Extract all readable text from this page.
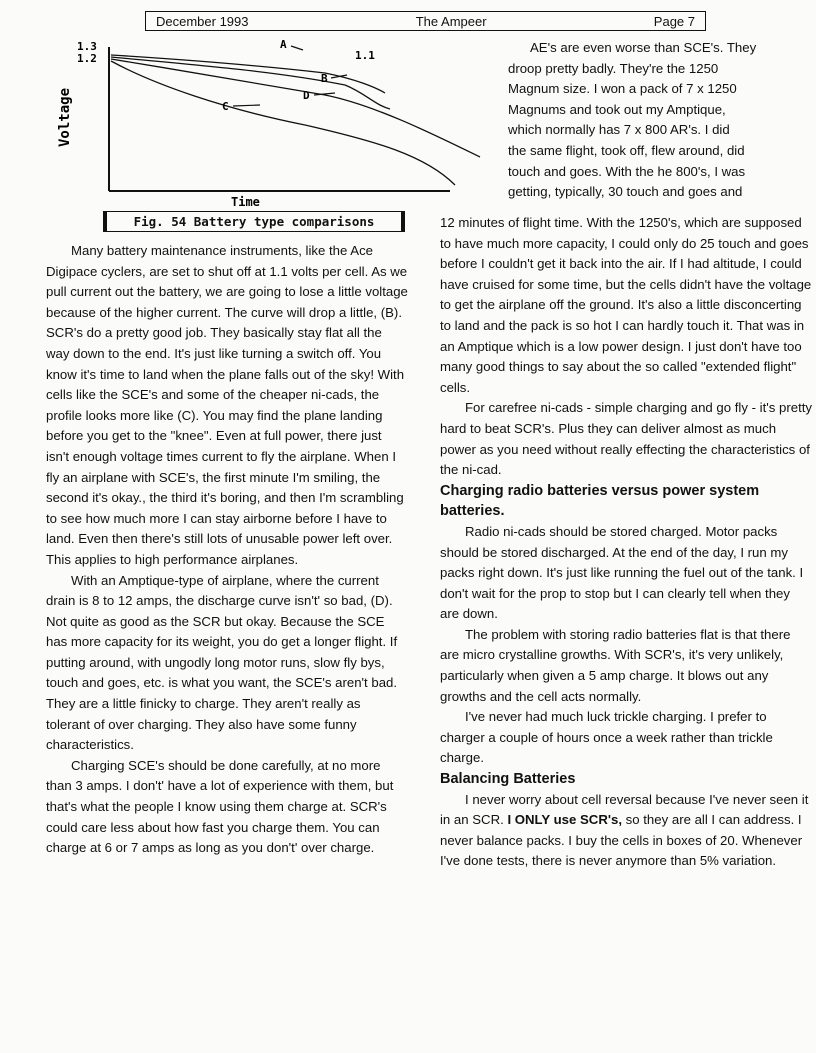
December 1993	The Ampeer	Page 7
1.3
1.2
Voltage
Time
1.1
A
B
D
C
Fig. 54 Battery type comparisons

AE's are even worse than SCE's. They

droop pretty badly. They're the 1250

Magnum size. I won a pack of 7 x 1250

Magnums and took out my Amptique,

which normally has 7 x 800 AR's. I did

the same flight, took off, flew around, did

touch and goes. With the he 800's, I was

getting, typically, 30 touch and goes and

Many battery maintenance instruments, like the Ace Digipace cyclers, are set to shut off at 1.1 volts per cell. As we pull current out the battery, we are going to lose a little voltage because of the higher current. The curve will drop a little, (B). SCR's do a pretty good job. They basically stay flat all the way down to the end. It's just like turning a switch off. You know it's time to land when the plane falls out of the sky! With cells like the SCE's and some of the cheaper ni-cads, the profile looks more like (C). You may find the plane landing before you get to the "knee". Even at full power, there just isn't enough voltage times current to fly the airplane. When I fly an airplane with SCE's, the first minute I'm smiling, the second it's okay., the third it's boring, and then I'm scrambling to see how much more I can stay airborne before I have to land. Even then there's still lots of unusable power left over. This applies to high performance airplanes.

With an Amptique-type of airplane, where the current drain is 8 to 12 amps, the discharge curve isn't' so bad, (D). Not quite as good as the SCR but okay. Because the SCE has more capacity for its weight, you do get a longer flight. If putting around, with ungodly long motor runs, slow fly bys, touch and goes, etc. is what you want, the SCE's aren't bad. They are a little finicky to charge. They aren't really as tolerant of over charging. They also have some funny characteristics.

Charging SCE's should be done carefully, at no more than 3 amps. I don't' have a lot of experience with them, but that's what the people I know using them charge at. SCR's could care less about how fast you charge them. You can charge at 6 or 7 amps as long as you don't' over charge.

12 minutes of flight time. With the 1250's, which are supposed to have much more capacity, I could only do 25 touch and goes before I couldn't get it back into the air. If I had altitude, I could have cruised for some time, but the cells didn't have the voltage to get the airplane off the ground. It's also a little disconcerting to land and the pack is so hot I can hardly touch it. That was in an Amptique which is a low power design. I just don't have too many good things to say about the so called "extended flight" cells.

For carefree ni-cads - simple charging and go fly - it's pretty hard to beat SCR's. Plus they can deliver almost as much power as you need without really effecting the characteristics of the ni-cad.

Charging radio batteries versus power system batteries.

Radio ni-cads should be stored charged. Motor packs should be stored discharged. At the end of the day, I run my packs right down. It's just like running the fuel out of the tank. I don't wait for the prop to stop but I can clearly tell when they are down.

The problem with storing radio batteries flat is that there are micro crystalline growths. With SCR's, it's very unlikely, particularly when given a 5 amp charge. It blows out any growths and the cell acts normally.

I've never had much luck trickle charging. I prefer to charger a couple of hours once a week rather than trickle charge.

Balancing Batteries

I never worry about cell reversal because I've never seen it in an SCR. I ONLY use SCR's, so they are all I can address. I never balance packs. I buy the cells in boxes of 20. Whenever I've done tests, there is never anymore than 5% variation.
